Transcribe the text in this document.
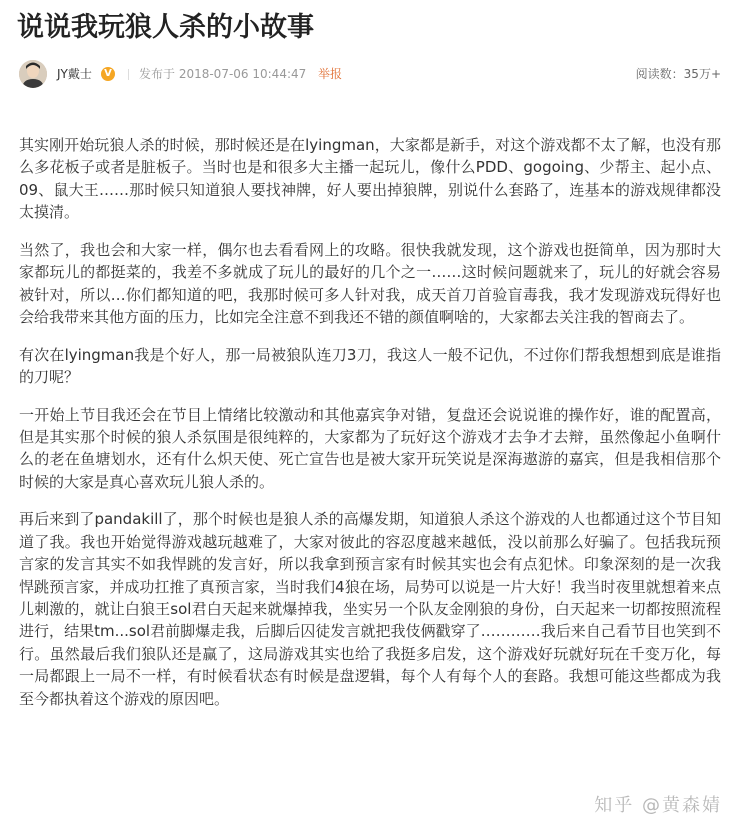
说说我玩狼人杀的小故事
JY戴士	V 发布于 2018-07-06 10:44:47 举报	阅读数：35万+

其实刚开始玩狼人杀的时候，那时候还是在lyingman，大家都是新手，对这个游戏都不太了解，也没有那么多花板子或者是脏板子。当时也是和很多大主播一起玩儿，像什么PDD、gogoing、少帮主、起小点、09、鼠大王……那时候只知道狼人要找神牌，好人要出掉狼牌，别说什么套路了，连基本的游戏规律都没太摸清。

当然了，我也会和大家一样，偶尔也去看看网上的攻略。很快我就发现，这个游戏也挺简单，因为那时大家都玩儿的都挺菜的，我差不多就成了玩儿的最好的几个之一……这时候问题就来了，玩儿的好就会容易被针对，所以…你们都知道的吧，我那时候可多人针对我，成天首刀首验盲毒我，我才发现游戏玩得好也会给我带来其他方面的压力，比如完全注意不到我还不错的颜值啊啥的，大家都去关注我的智商去了。

有次在lyingman我是个好人，那一局被狼队连刀3刀，我这人一般不记仇，不过你们帮我想想到底是谁指的刀呢？

一开始上节目我还会在节目上情绪比较激动和其他嘉宾争对错，复盘还会说说谁的操作好，谁的配置高，但是其实那个时候的狼人杀氛围是很纯粹的，大家都为了玩好这个游戏才去争才去辩，虽然像起小鱼啊什么的老在鱼塘划水，还有什么炽天使、死亡宣告也是被大家开玩笑说是深海遨游的嘉宾，但是我相信那个时候的大家是真心喜欢玩儿狼人杀的。

再后来到了pandakill了，那个时候也是狼人杀的高爆发期，知道狼人杀这个游戏的人也都通过这个节目知道了我。我也开始觉得游戏越玩越难了，大家对彼此的容忍度越来越低，没以前那么好骗了。包括我玩预言家的发言其实不如我悍跳的发言好，所以我拿到预言家有时候其实也会有点犯怵。印象深刻的是一次我悍跳预言家，并成功扛推了真预言家，当时我们4狼在场，局势可以说是一片大好！我当时夜里就想着来点儿刺激的，就让白狼王sol君白天起来就爆掉我，坐实另一个队友金刚狼的身份，白天起来一切都按照流程进行，结果tm...sol君前脚爆走我，后脚后囚徒发言就把我伎俩戳穿了…………我后来自己看节目也笑到不行。虽然最后我们狼队还是赢了，这局游戏其实也给了我挺多启发，这个游戏好玩就好玩在千变万化，每一局都跟上一局不一样，有时候看状态有时候是盘逻辑，每个人有每个人的套路。我想可能这些都成为我至今都执着这个游戏的原因吧。

知乎 @黄森婧
